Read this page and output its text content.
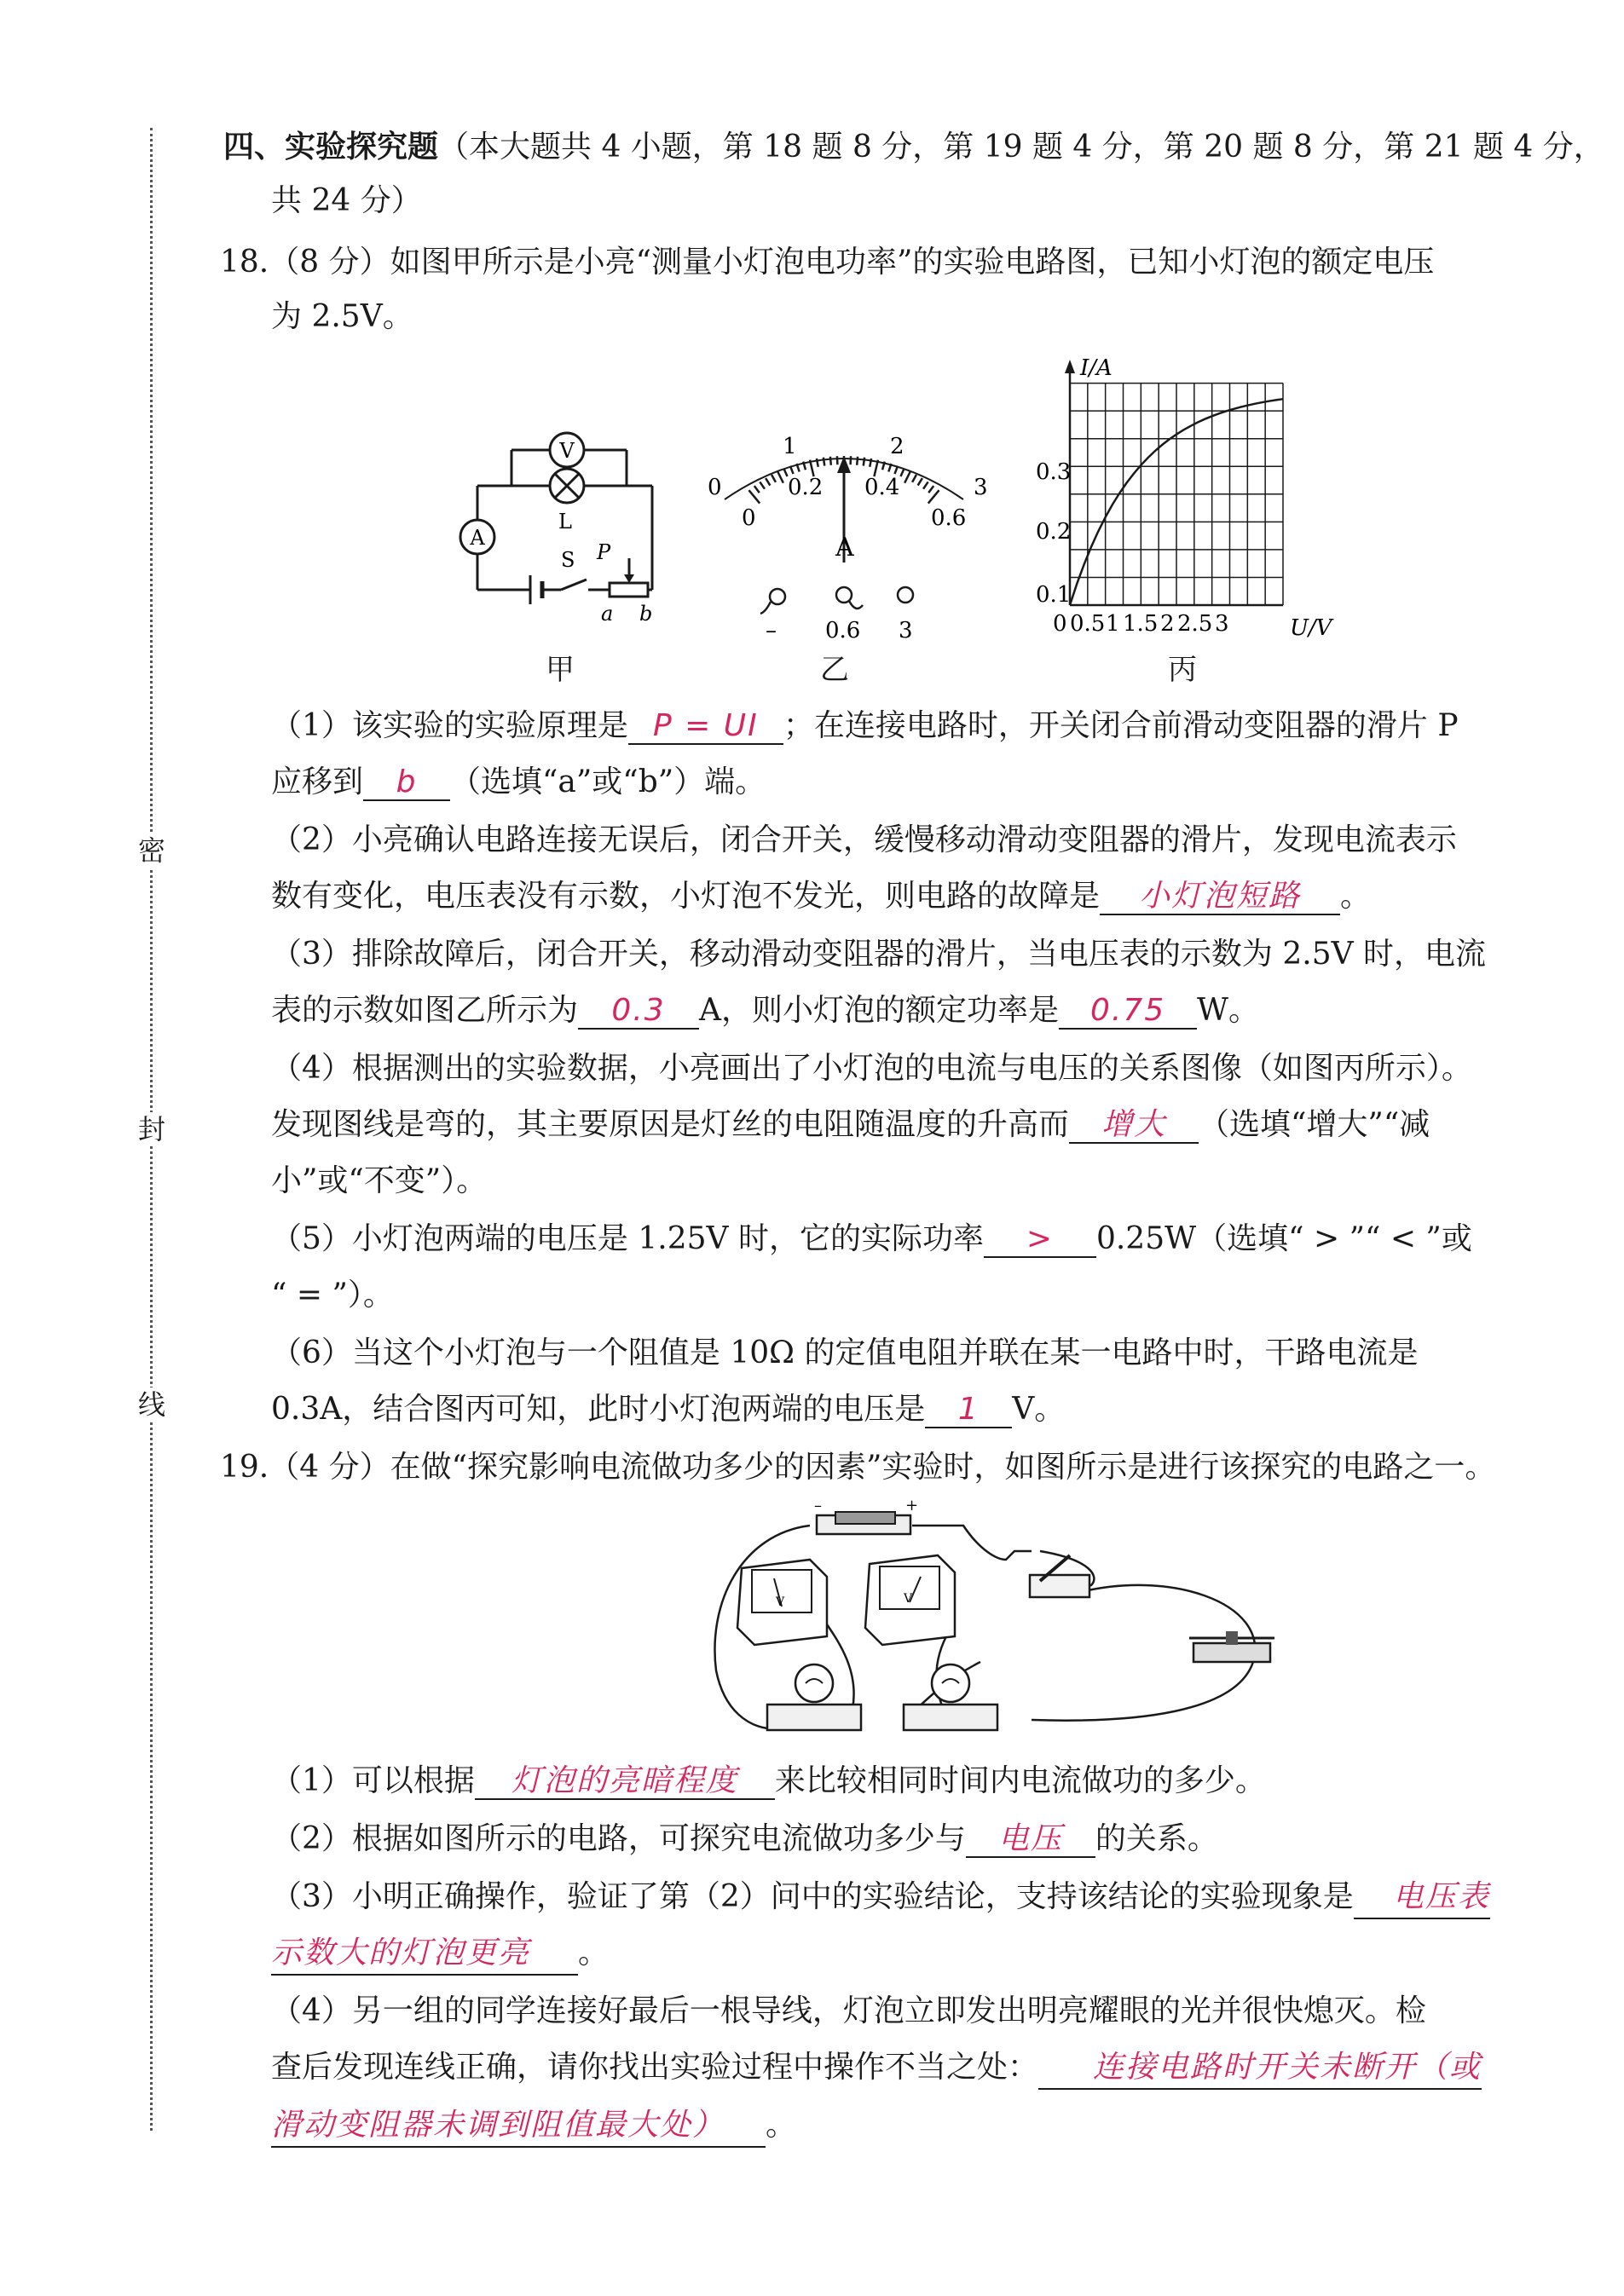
密
封
线
四、实验探究题（本大题共 4 小题，第 18 题 8 分，第 19 题 4 分，第 20 题 8 分，第 21 题 4 分，
共 24 分）
18.（8 分）如图甲所示是小亮“测量小灯泡电功率”的实验电路图，已知小灯泡的额定电压
为 2.5V。
V
L
A
S P
a b
0
1	2
3
0
0.2 0.4
0.6
A
– 0.6 3
I/A
U/V
0.1
0.2
0.3
0 0.5 1 1.5 2 2.5 3
甲	乙	丙
（1）该实验的实验原理是 P = UI ；在连接电路时，开关闭合前滑动变阻器的滑片 P
应移到 b （选填“a”或“b”）端。
（2）小亮确认电路连接无误后，闭合开关，缓慢移动滑动变阻器的滑片，发现电流表示
数有变化，电压表没有示数，小灯泡不发光，则电路的故障是 小灯泡短路 。
（3）排除故障后，闭合开关，移动滑动变阻器的滑片，当电压表的示数为 2.5V 时，电流
表的示数如图乙所示为 0.3 A，则小灯泡的额定功率是 0.75 W。
（4）根据测出的实验数据，小亮画出了小灯泡的电流与电压的关系图像（如图丙所示）。
发现图线是弯的，其主要原因是灯丝的电阻随温度的升高而 增大 （选填“增大”“减
小”或“不变”）。
（5）小灯泡两端的电压是 1.25V 时，它的实际功率 > 0.25W（选填“ > ”“ < ”或
“ = ”）。
（6）当这个小灯泡与一个阻值是 10Ω 的定值电阻并联在某一电路中时，干路电流是
0.3A，结合图丙可知，此时小灯泡两端的电压是 1 V。
19.（4 分）在做“探究影响电流做功多少的因素”实验时，如图所示是进行该探究的电路之一。
–	+
V	V
（1）可以根据 灯泡的亮暗程度 来比较相同时间内电流做功的多少。
（2）根据如图所示的电路，可探究电流做功多少与 电压 的关系。
（3）小明正确操作，验证了第（2）问中的实验结论，支持该结论的实验现象是 电压表
示数大的灯泡更亮 。
（4）另一组的同学连接好最后一根导线，灯泡立即发出明亮耀眼的光并很快熄灭。检
查后发现连线正确，请你找出实验过程中操作不当之处： 连接电路时开关未断开（或
滑动变阻器未调到阻值最大处） 。
